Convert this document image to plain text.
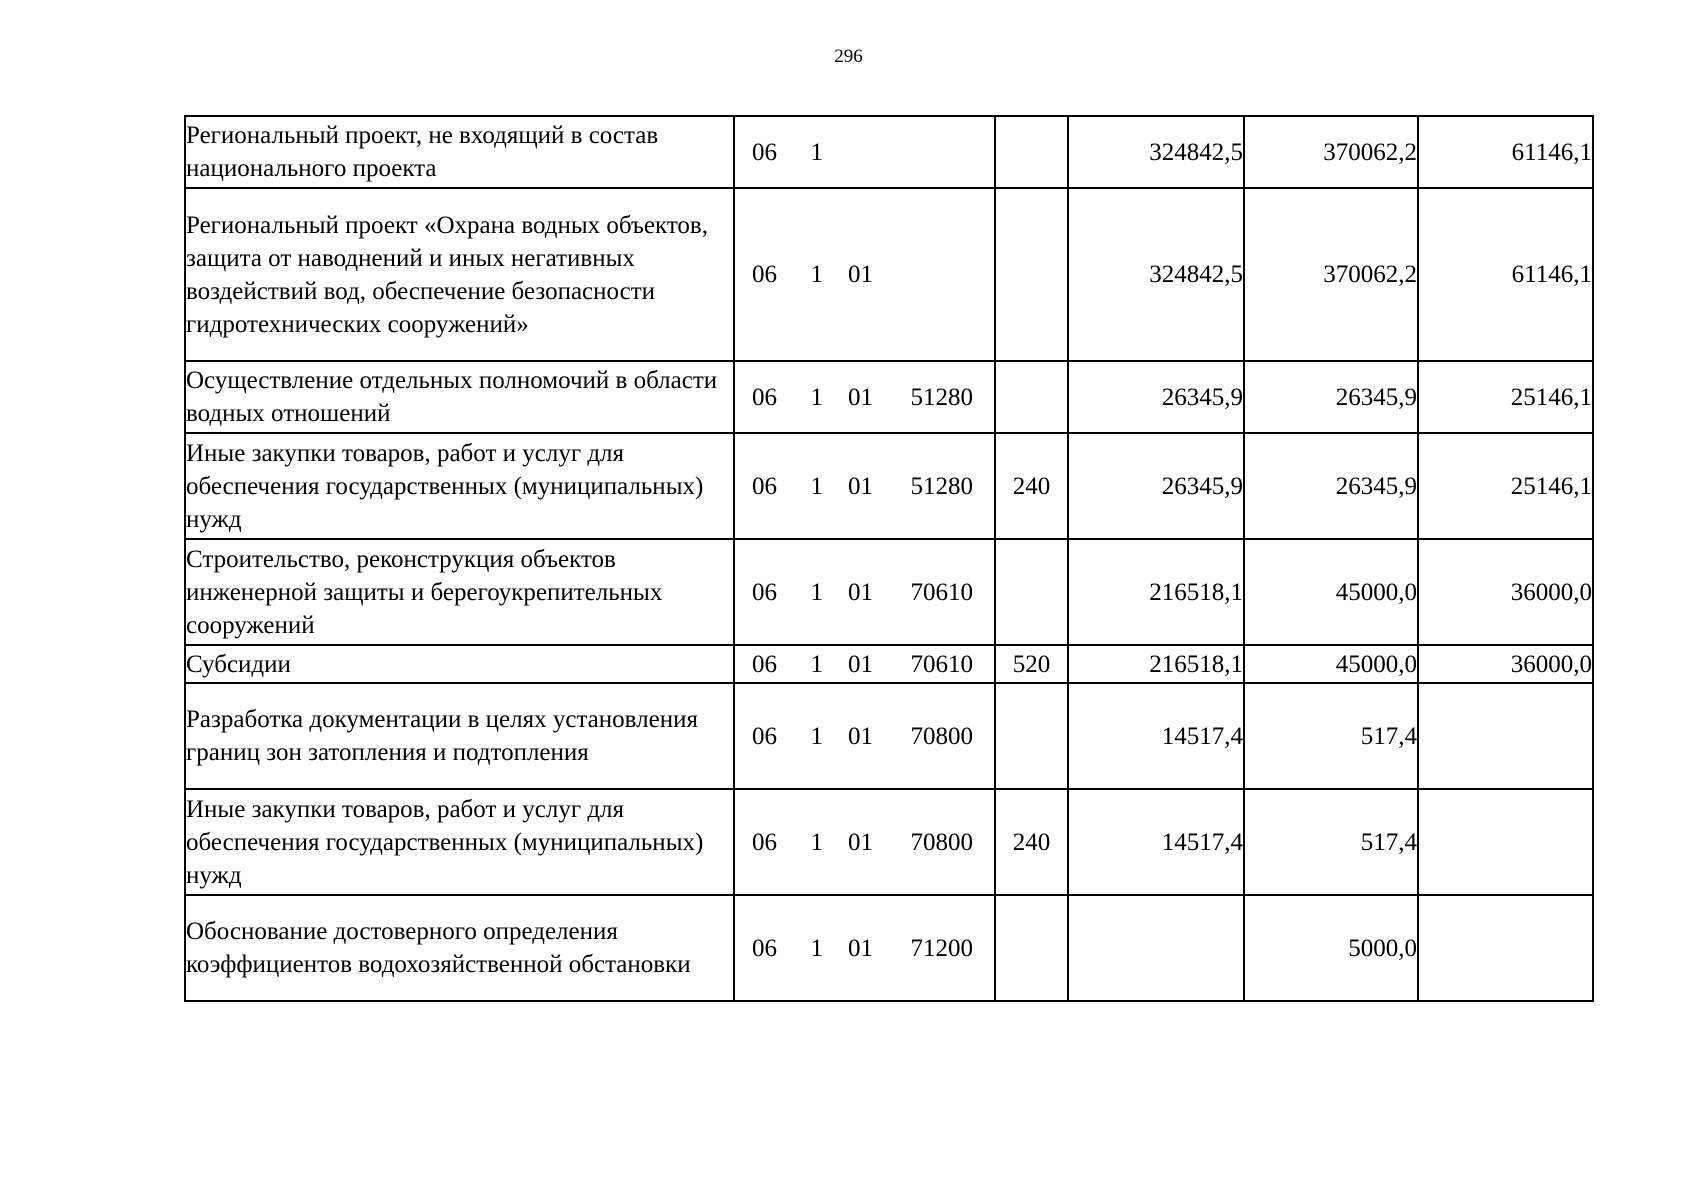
296
Региональный проект, не входящий в состав национального проекта	06 1		324842,5	370062,2	61146,1
Региональный проект «Охрана водных объектов, защита от наводнений и иных негативных воздействий вод, обеспечение безопасности гидротехнических сооружений»	06 1 01		324842,5	370062,2	61146,1
Осуществление отдельных полномочий в области водных отношений	06 1 01 51280		26345,9	26345,9	25146,1
Иные закупки товаров, работ и услуг для обеспечения государственных (муниципальных) нужд	06 1 01 51280	240	26345,9	26345,9	25146,1
Строительство, реконструкция объектов инженерной защиты и берегоукрепительных сооружений	06 1 01 70610		216518,1	45000,0	36000,0
Субсидии	06 1 01 70610	520	216518,1	45000,0	36000,0
Разработка документации в целях установления границ зон затопления и подтопления	06 1 01 70800		14517,4	517,4	
Иные закупки товаров, работ и услуг для обеспечения государственных (муниципальных) нужд	06 1 01 70800	240	14517,4	517,4	
Обоснование достоверного определения коэффициентов водохозяйственной обстановки	06 1 01 71200			5000,0	
